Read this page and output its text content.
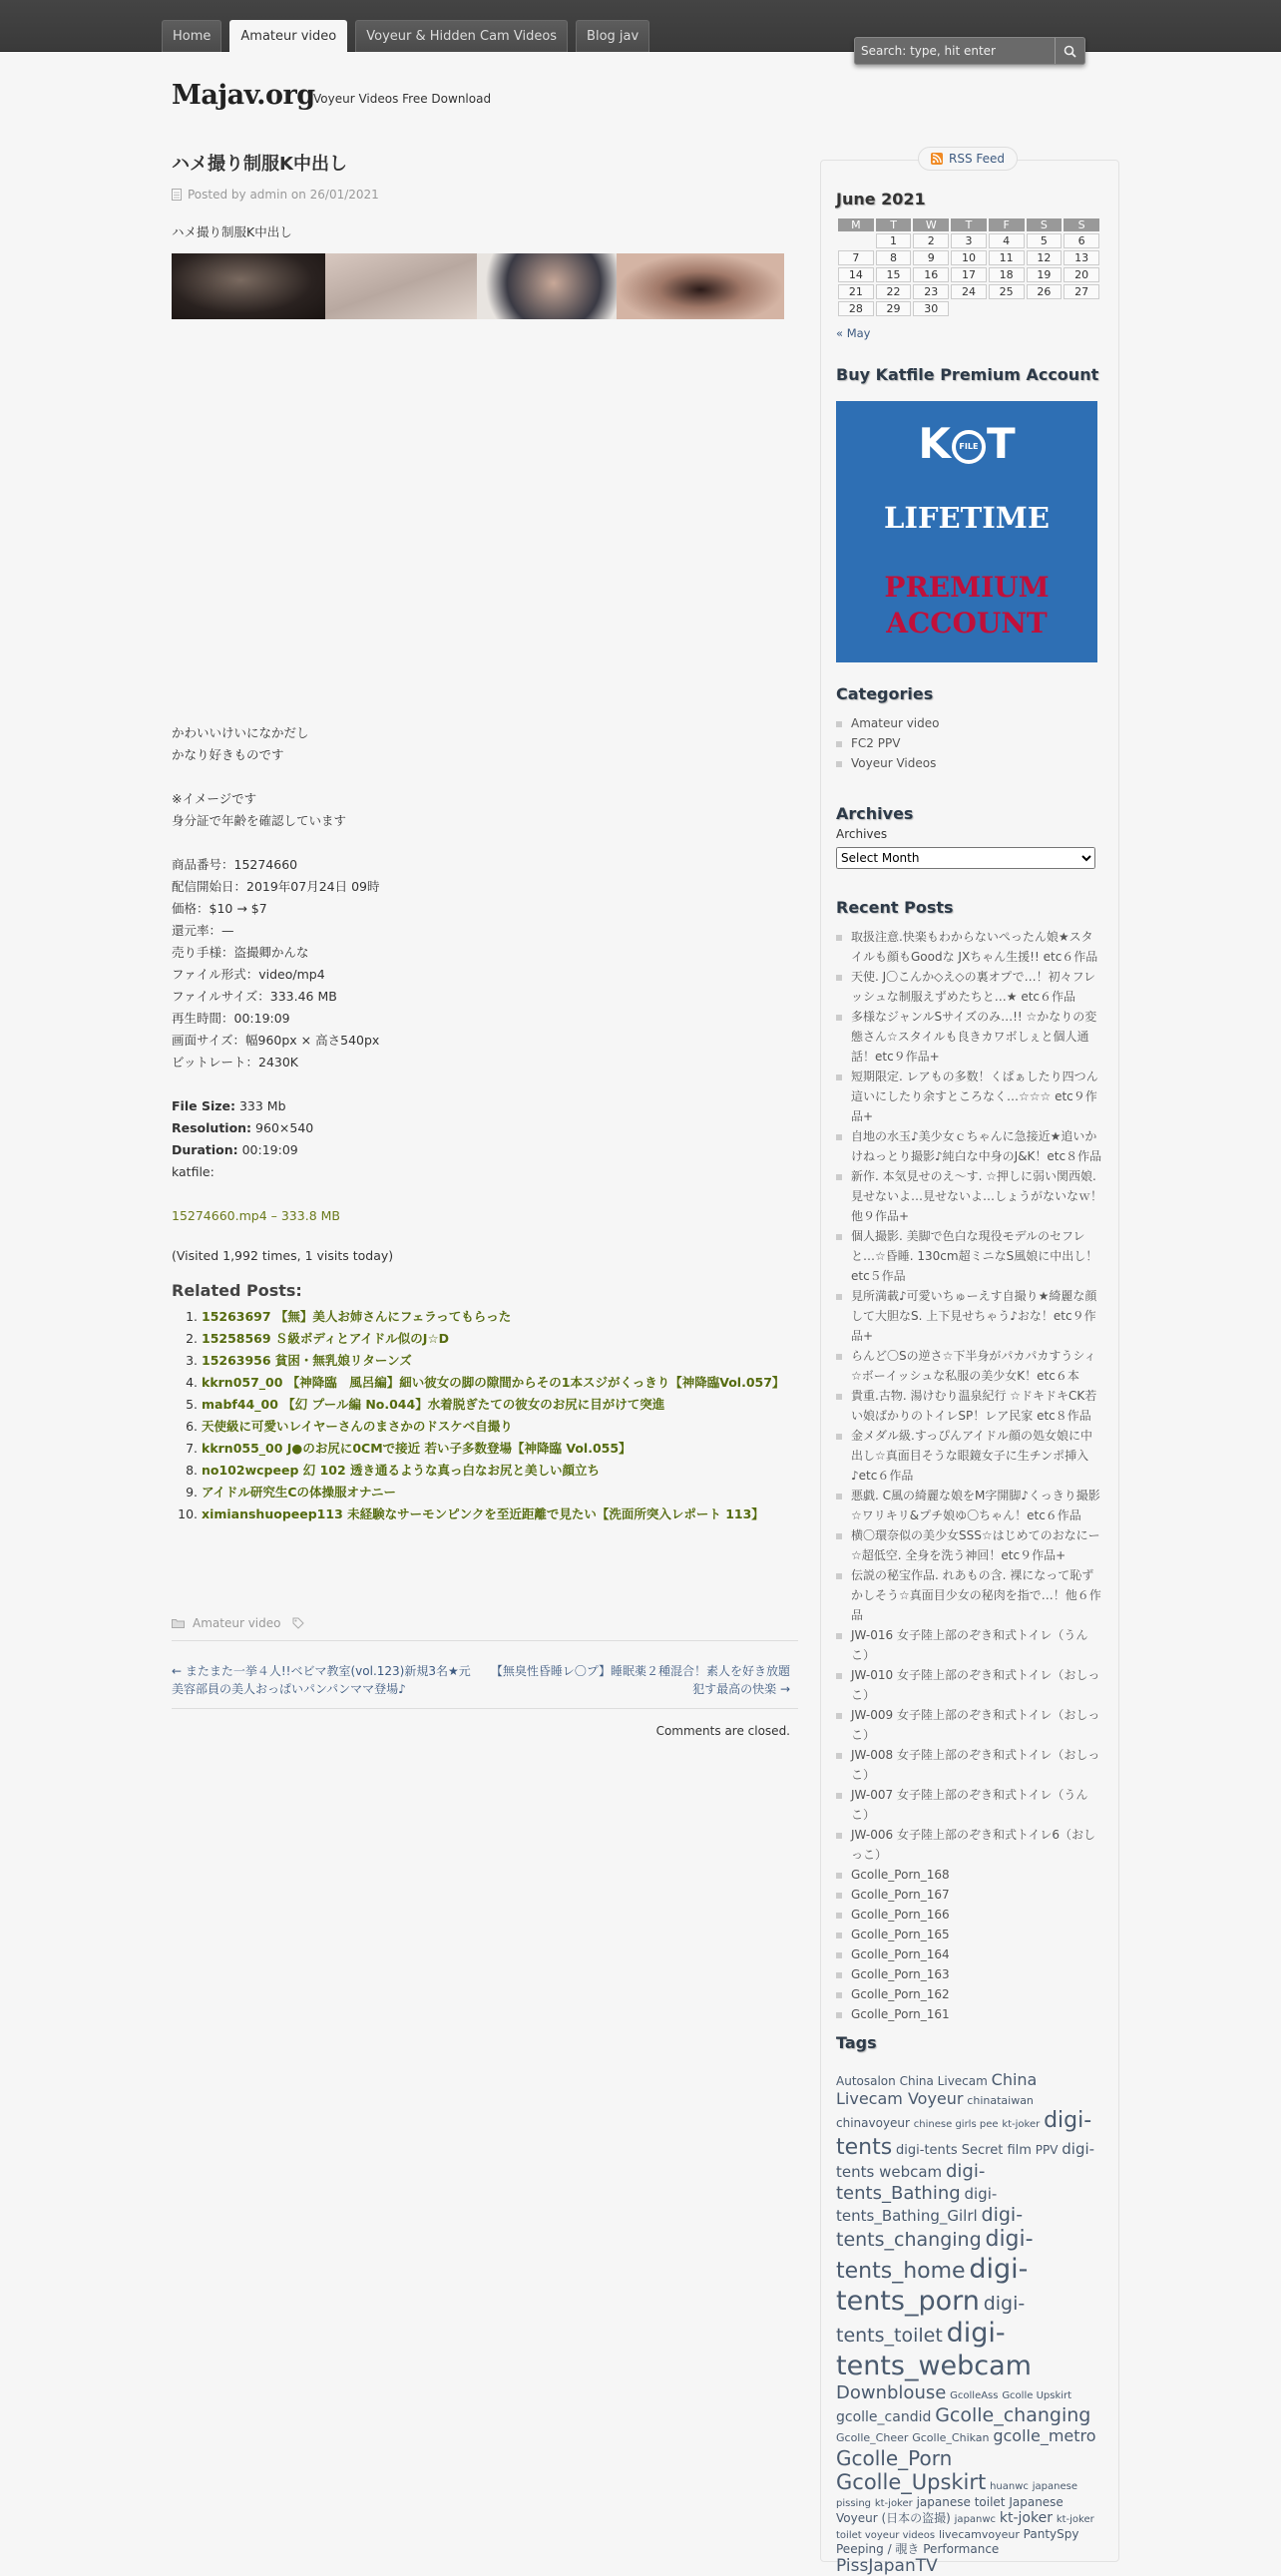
Home	Amateur video	Voyeur & Hidden Cam Videos	Blog jav
Search: type, hit enter
Majav.org
Voyeur Videos Free Download
ハメ撮り制服K中出し
Posted by admin on 26/01/2021
ハメ撮り制服K中出し
かわいいけいになかだし
かなり好きものです
※イメージです
身分証で年齢を確認しています
商品番号：15274660
配信開始日：2019年07月24日 09時
価格：$10 → $7
還元率：—
売り手様：盗撮卿かんな
ファイル形式：video/mp4
ファイルサイズ：333.46 MB
再生時間：00:19:09
画面サイズ：幅960px × 高さ540px
ビットレート：2430K
File Size: 333 Mb
Resolution: 960×540
Duration: 00:19:09
katfile:
15274660.mp4 – 333.8 MB
(Visited 1,992 times, 1 visits today)
Related Posts:
1. 15263697 【無】美人お姉さんにフェラってもらった
2. 15258569 Ｓ級ボディとアイドル似のJ☆D
3. 15263956 貧困・無乳娘リターンズ
4. kkrn057_00 【神降臨　風呂編】細い彼女の脚の隙間からその1本スジがくっきり【神降臨Vol.057】
5. mabf44_00 【幻 プール編 No.044】水着脱ぎたての彼女のお尻に目がけて突進
6. 天使級に可愛いレイヤーさんのまさかのドスケベ自撮り
7. kkrn055_00 J●のお尻に0CMで接近 若い子多数登場【神降臨 Vol.055】
8. no102wcpeep 幻 102 透き通るような真っ白なお尻と美しい顔立ち
9. アイドル研究生Cの体操服オナニー
10. ximianshuopeep113 未経験なサーモンピンクを至近距離で見たい【洗面所突入レポート 113】
Amateur video
← またまた一挙４人!!ベビマ教室(vol.123)新規3名★元美容部員の美人おっぱいパンパンママ登場♪
【無臭性昏睡レ〇プ】睡眠薬２種混合！素人を好き放題犯す最高の快楽 →
Comments are closed.
RSS Feed
June 2021
M	T	W	T	F	S	S
	1	2	3	4	5	6
7	8	9	10	11	12	13
14	15	16	17	18	19	20
21	22	23	24	25	26	27
28	29	30				
« May
Buy Katfile Premium Account
K	FILE T
LIFETIME
PREMIUM
ACCOUNT
Categories
Amateur video
FC2 PPV
Voyeur Videos
Archives
Archives
Select Month
Recent Posts
取扱注意.快楽もわからないぺったん娘★スタイルも顔もGoodな JXちゃん生援!! etc６作品
天使. J〇こんか◇え◇の裏オプで…！初々フレッシュな制服えずめたちと…★ etc６作品
多様なジャンルSサイズのみ…!! ☆かなりの変態さん☆スタイルも良きカワボしぇと個人通話！etc９作品+
短期限定. レアもの多数！くぱぁしたり四つん這いにしたり余すところなく…☆☆☆ etc９作品+
自地の水玉♪美少女ｃちゃんに急接近★追いかけねっとり撮影♪純白な中身のJ&K！etc８作品
新作. 本気見せのえ～す. ☆押しに弱い関西娘. 見せないよ…見せないよ…しょうがないなｗ！他９作品+
個人撮影. 美脚で色白な現役モデルのセフレと…☆昏睡. 130cm超ミニなS風娘に中出し！etc５作品
見所満載♪可愛いちゅーえす自撮り★綺麗な顔して大胆なS. 上下見せちゃう♪おな！etc９作品+
らんど〇Sの逆さ☆下半身がパカパカすうシィ☆ボーイッシュな私服の美少女K！etc６本
貴重.古物. 湯けむり温泉紀行 ☆ドキドキCK若い娘ばかりのトイレSP！レア民家 etc８作品
金メダル級.すっぴんアイドル顔の処女娘に中出し☆真面目そうな眼鏡女子に生チンポ挿入♪etc６作品
悪戯. C風の綺麗な娘をM字開脚♪くっきり撮影☆ワリキリ&プチ娘ゆ〇ちゃん！etc６作品
横〇環奈似の美少女SSS☆はじめてのおなにー☆超低空. 全身を洗う神回！etc９作品+
伝説の秘宝作品. れあもの含. 裸になって恥ずかしそう☆真面目少女の秘肉を指で…！他６作品
JW-016 女子陸上部のぞき和式トイレ（うんこ）
JW-010 女子陸上部のぞき和式トイレ（おしっこ）
JW-009 女子陸上部のぞき和式トイレ（おしっこ）
JW-008 女子陸上部のぞき和式トイレ（おしっこ）
JW-007 女子陸上部のぞき和式トイレ（うんこ）
JW-006 女子陸上部のぞき和式トイレ6（おしっこ）
Gcolle_Porn_168
Gcolle_Porn_167
Gcolle_Porn_166
Gcolle_Porn_165
Gcolle_Porn_164
Gcolle_Porn_163
Gcolle_Porn_162
Gcolle_Porn_161
Tags
Autosalon China Livecam China Livecam Voyeur chinataiwan chinavoyeur chinese girls pee kt-joker digi-tents digi-tents Secret film PPV digi-tents webcam digi-tents_Bathing digi-tents_Bathing_Gilrl digi-tents_changing digi-tents_home digi-tents_porn digi-tents_toilet digi-tents_webcam Downblouse GcolleAss Gcolle Upskirt gcolle_candid Gcolle_changing Gcolle_Cheer Gcolle_Chikan gcolle_metro Gcolle_Porn Gcolle_Upskirt huanwc japanese pissing kt-joker japanese toilet Japanese Voyeur (日本の盗撮) japanwc kt-joker kt-joker toilet voyeur videos livecamvoyeur PantySpy Peeping / 覗き Performance PissJapanTV
